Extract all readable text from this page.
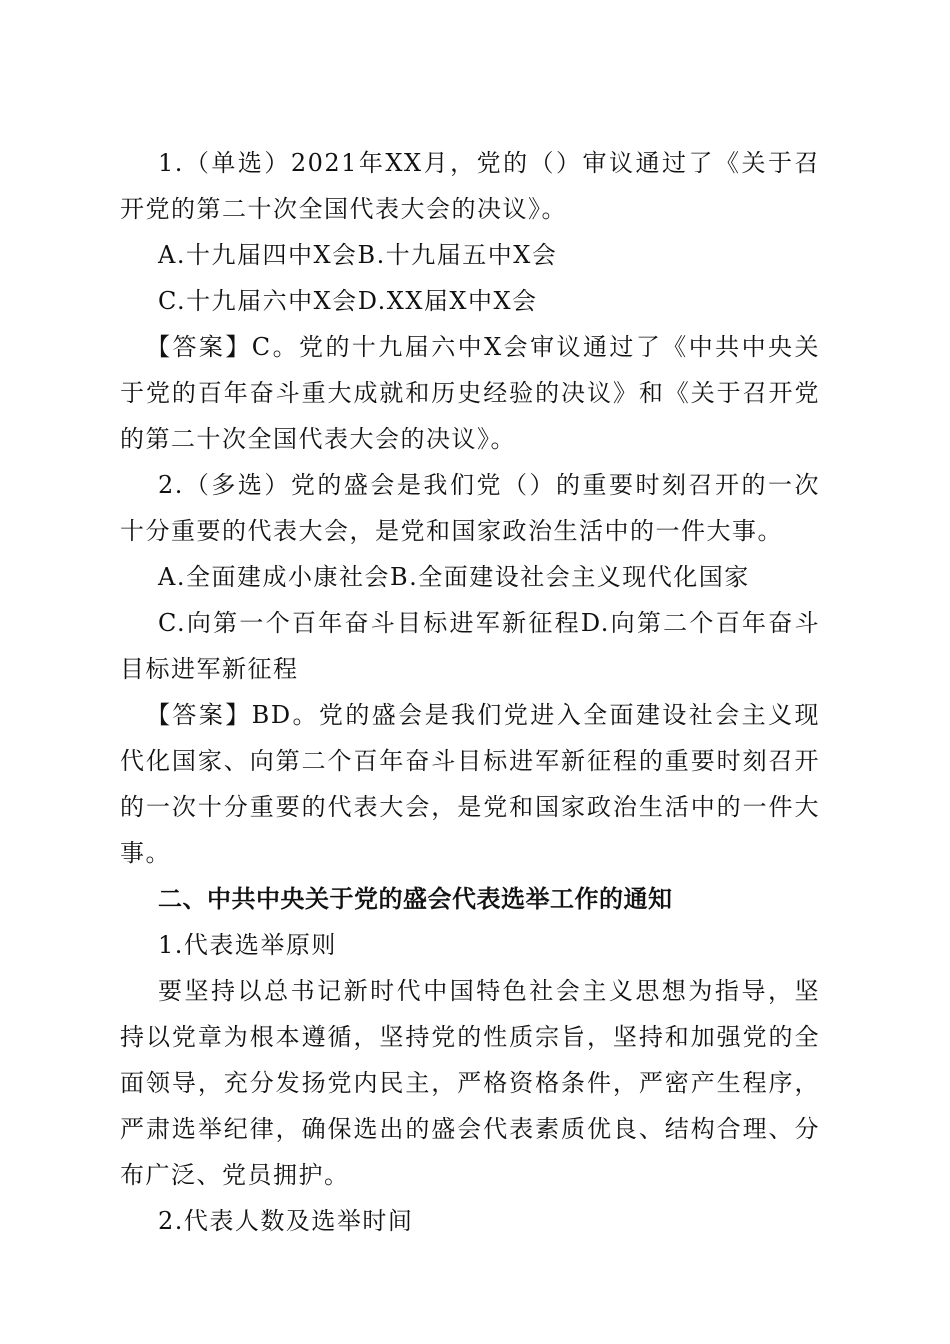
1.（单选）2021年XX月，党的（）审议通过了《关于召开党的第二十次全国代表大会的决议》。

A.十九届四中X会B.十九届五中X会

C.十九届六中X会D.XX届X中X会

【答案】C。党的十九届六中X会审议通过了《中共中央关于党的百年奋斗重大成就和历史经验的决议》和《关于召开党的第二十次全国代表大会的决议》。

2.（多选）党的盛会是我们党（）的重要时刻召开的一次十分重要的代表大会，是党和国家政治生活中的一件大事。

A.全面建成小康社会B.全面建设社会主义现代化国家

C.向第一个百年奋斗目标进军新征程D.向第二个百年奋斗目标进军新征程

【答案】BD。党的盛会是我们党进入全面建设社会主义现代化国家、向第二个百年奋斗目标进军新征程的重要时刻召开的一次十分重要的代表大会，是党和国家政治生活中的一件大事。

二、中共中央关于党的盛会代表选举工作的通知

1.代表选举原则

要坚持以总书记新时代中国特色社会主义思想为指导，坚持以党章为根本遵循，坚持党的性质宗旨，坚持和加强党的全面领导，充分发扬党内民主，严格资格条件，严密产生程序，严肃选举纪律，确保选出的盛会代表素质优良、结构合理、分布广泛、党员拥护。

2.代表人数及选举时间
